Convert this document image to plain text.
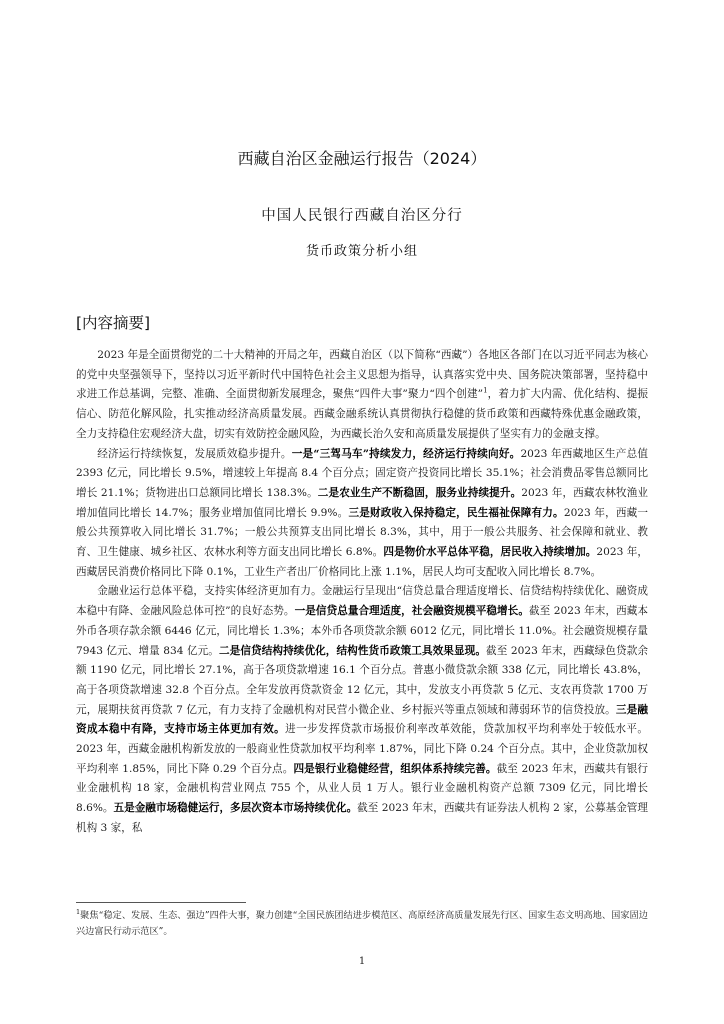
西藏自治区金融运行报告（2024）
中国人民银行西藏自治区分行
货币政策分析小组
[内容摘要]

2023 年是全面贯彻党的二十大精神的开局之年，西藏自治区（以下简称“西藏”）各地区各部门在以习近平同志为核心的党中央坚强领导下，坚持以习近平新时代中国特色社会主义思想为指导，认真落实党中央、国务院决策部署，坚持稳中求进工作总基调，完整、准确、全面贯彻新发展理念，聚焦“四件大事”聚力“四个创建”$^1$，着力扩大内需、优化结构、提振信心、防范化解风险，扎实推动经济高质量发展。西藏金融系统认真贯彻执行稳健的货币政策和西藏特殊优惠金融政策，全力支持稳住宏观经济大盘，切实有效防控金融风险，为西藏长治久安和高质量发展提供了坚实有力的金融支撑。

经济运行持续恢复，发展质效稳步提升。一是“三驾马车”持续发力，经济运行持续向好。2023 年西藏地区生产总值 2393 亿元，同比增长 9.5%，增速较上年提高 8.4 个百分点；固定资产投资同比增长 35.1%；社会消费品零售总额同比增长 21.1%；货物进出口总额同比增长 138.3%。二是农业生产不断稳固，服务业持续提升。2023 年，西藏农林牧渔业增加值同比增长 14.7%；服务业增加值同比增长 9.9%。三是财政收入保持稳定，民生福祉保障有力。2023 年，西藏一般公共预算收入同比增长 31.7%；一般公共预算支出同比增长 8.3%，其中，用于一般公共服务、社会保障和就业、教育、卫生健康、城乡社区、农林水利等方面支出同比增长 6.8%。四是物价水平总体平稳，居民收入持续增加。2023 年，西藏居民消费价格同比下降 0.1%，工业生产者出厂价格同比上涨 1.1%，居民人均可支配收入同比增长 8.7%。

金融业运行总体平稳，支持实体经济更加有力。金融运行呈现出“信贷总量合理适度增长、信贷结构持续优化、融资成本稳中有降、金融风险总体可控”的良好态势。一是信贷总量合理适度，社会融资规模平稳增长。截至 2023 年末，西藏本外币各项存款余额 6446 亿元，同比增长 1.3%；本外币各项贷款余额 6012 亿元，同比增长 11.0%。社会融资规模存量 7943 亿元、增量 834 亿元。二是信贷结构持续优化，结构性货币政策工具效果显现。截至 2023 年末，西藏绿色贷款余额 1190 亿元，同比增长 27.1%，高于各项贷款增速 16.1 个百分点。普惠小微贷款余额 338 亿元，同比增长 43.8%，高于各项贷款增速 32.8 个百分点。全年发放再贷款资金 12 亿元，其中，发放支小再贷款 5 亿元、支农再贷款 1700 万元，展期扶贫再贷款 7 亿元，有力支持了金融机构对民营小微企业、乡村振兴等重点领域和薄弱环节的信贷投放。三是融资成本稳中有降，支持市场主体更加有效。进一步发挥贷款市场报价利率改革效能，贷款加权平均利率处于较低水平。2023 年，西藏金融机构新发放的一般商业性贷款加权平均利率 1.87%，同比下降 0.24 个百分点。其中，企业贷款加权平均利率 1.85%，同比下降 0.29 个百分点。四是银行业稳健经营，组织体系持续完善。截至 2023 年末，西藏共有银行业金融机构 18 家，金融机构营业网点 755 个，从业人员 1 万人。银行业金融机构资产总额 7309 亿元，同比增长 8.6%。五是金融市场稳健运行，多层次资本市场持续优化。截至 2023 年末，西藏共有证券法人机构 2 家，公募基金管理机构 3 家，私

$^1$聚焦“稳定、发展、生态、强边”四件大事，聚力创建“全国民族团结进步模范区、高原经济高质量发展先行区、国家生态文明高地、国家固边兴边富民行动示范区”。
1
